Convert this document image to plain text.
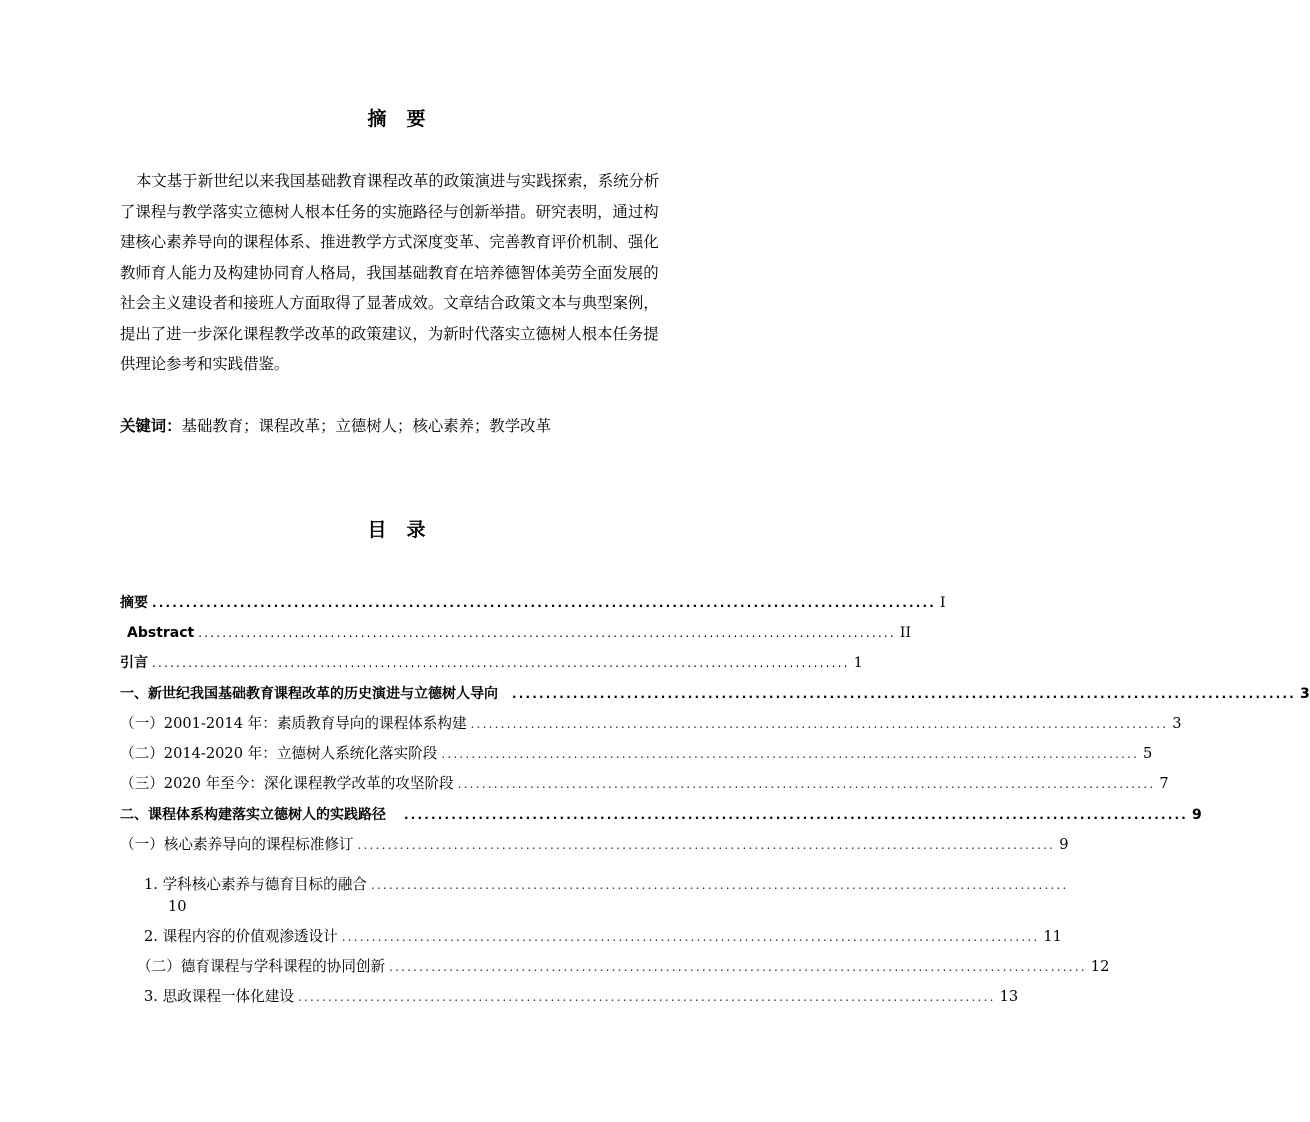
摘 要
本文基于新世纪以来我国基础教育课程改革的政策演进与实践探索，系统分析
了课程与教学落实立德树人根本任务的实施路径与创新举措。研究表明，通过构
建核心素养导向的课程体系、推进教学方式深度变革、完善教育评价机制、强化
教师育人能力及构建协同育人格局，我国基础教育在培养德智体美劳全面发展的
社会主义建设者和接班人方面取得了显著成效。文章结合政策文本与典型案例，
提出了进一步深化课程教学改革的政策建议，为新时代落实立德树人根本任务提
供理论参考和实践借鉴。
关键词：基础教育；课程改革；立德树人；核心素养；教学改革
目 录
摘要 .................................................................................................................... I
Abstract .................................................................................................................... II
引言 .................................................................................................................... 1
一、新世纪我国基础教育课程改革的历史演进与立德树人导向 .................................................................................................................... 3
（一）2001-2014 年：素质教育导向的课程体系构建 .................................................................................................................... 3
（二）2014-2020 年：立德树人系统化落实阶段 .................................................................................................................... 5
（三）2020 年至今：深化课程教学改革的攻坚阶段 .................................................................................................................... 7
二、课程体系构建落实立德树人的实践路径 .................................................................................................................... 9
（一）核心素养导向的课程标准修订 .................................................................................................................... 9
1. 学科核心素养与德育目标的融合 ....................................................................................................................
10
2. 课程内容的价值观渗透设计 .................................................................................................................... 11
（二）德育课程与学科课程的协同创新 .................................................................................................................... 12
3. 思政课程一体化建设 .................................................................................................................... 13
